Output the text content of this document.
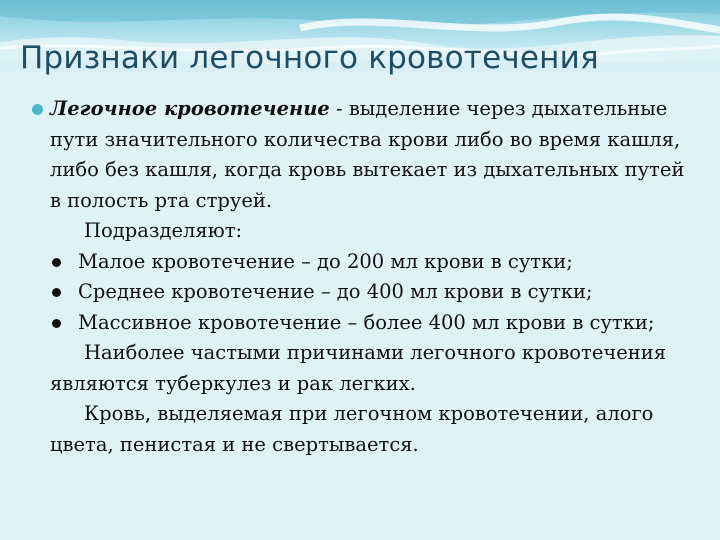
Признаки легочного кровотечения
Легочное кровотечение - выделение через дыхательные пути значительного количества крови либо во время кашля, либо без кашля, когда кровь вытекает из дыхательных путей в полость рта струей.
Подразделяют:
Малое кровотечение – до 200 мл крови в сутки;
Среднее кровотечение – до 400 мл крови в сутки;
Массивное кровотечение – более 400 мл крови в сутки;
Наиболее частыми причинами легочного кровотечения являются туберкулез и рак легких.
Кровь, выделяемая при легочном кровотечении, алого цвета, пенистая и не свертывается.
